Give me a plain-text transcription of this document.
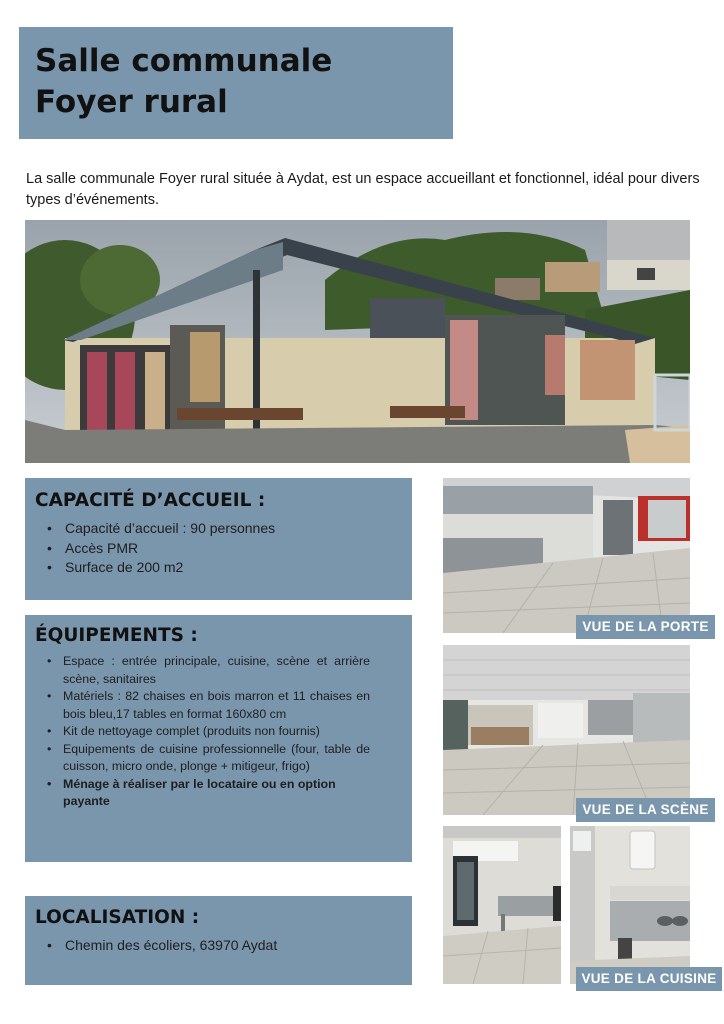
Salle communale
Foyer rural

La salle communale Foyer rural située à Aydat, est un espace accueillant et fonctionnel, idéal pour divers types d’événements.

CAPACITÉ D’ACCUEIL :
• Capacité d’accueil : 90 personnes
• Accès PMR
• Surface de 200 m2
ÉQUIPEMENTS :
• Espace : entrée principale, cuisine, scène et arrière scène, sanitaires
• Matériels : 82 chaises en bois marron et 11 chaises en bois bleu,17 tables en format 160x80 cm
• Kit de nettoyage complet (produits non fournis)
• Equipements de cuisine professionnelle (four, table de cuisson, micro onde, plonge + mitigeur, frigo)
• Ménage à réaliser par le locataire ou en option payante
LOCALISATION :
• Chemin des écoliers, 63970 Aydat
VUE DE LA PORTE
VUE DE LA SCÈNE
VUE DE LA CUISINE
